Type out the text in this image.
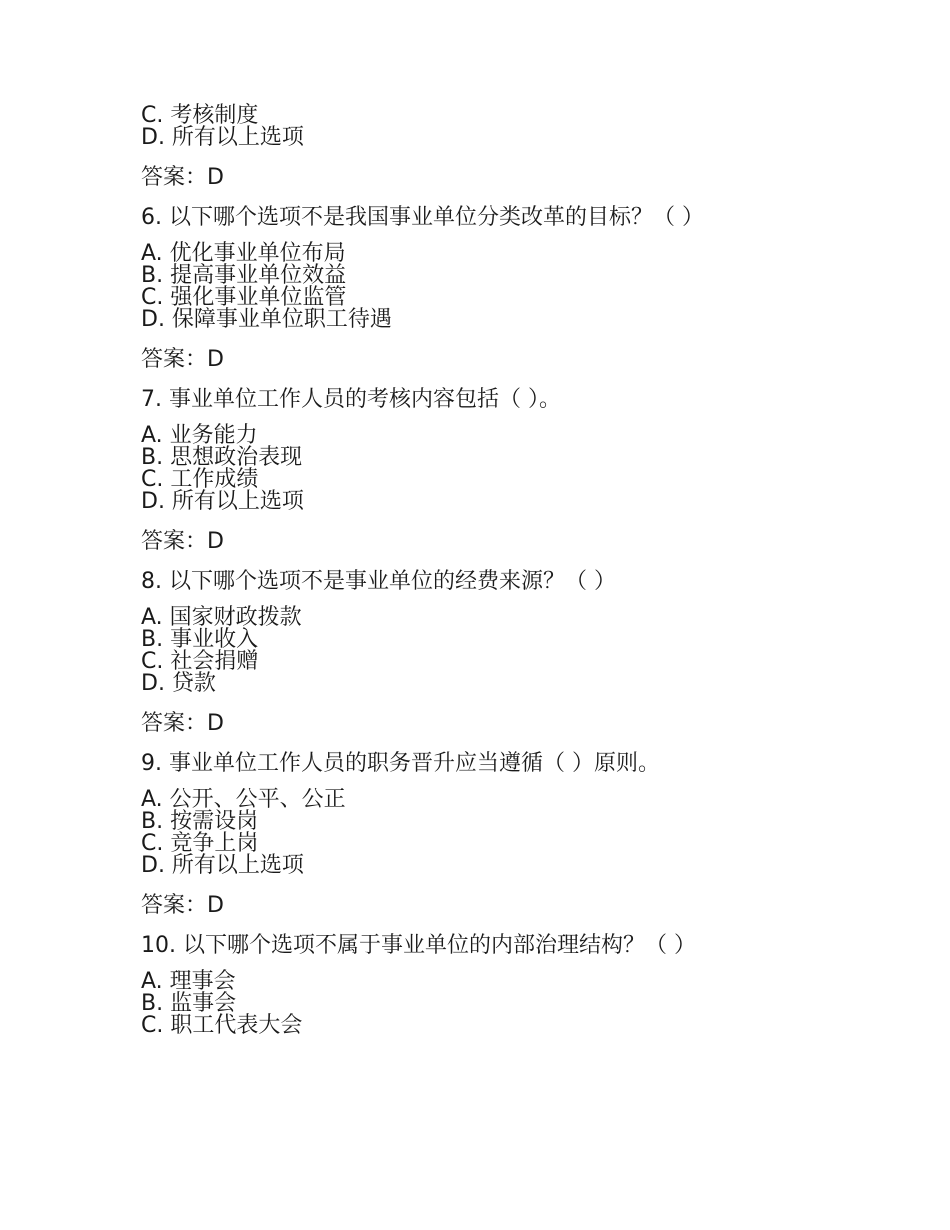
C. 考核制度

D. 所有以上选项

答案：D

6. 以下哪个选项不是我国事业单位分类改革的目标？（ ）

A. 优化事业单位布局

B. 提高事业单位效益

C. 强化事业单位监管

D. 保障事业单位职工待遇

答案：D

7. 事业单位工作人员的考核内容包括（ ）。

A. 业务能力

B. 思想政治表现

C. 工作成绩

D. 所有以上选项

答案：D

8. 以下哪个选项不是事业单位的经费来源？（ ）

A. 国家财政拨款

B. 事业收入

C. 社会捐赠

D. 贷款

答案：D

9. 事业单位工作人员的职务晋升应当遵循（ ）原则。

A. 公开、公平、公正

B. 按需设岗

C. 竞争上岗

D. 所有以上选项

答案：D

10. 以下哪个选项不属于事业单位的内部治理结构？（ ）

A. 理事会

B. 监事会

C. 职工代表大会
